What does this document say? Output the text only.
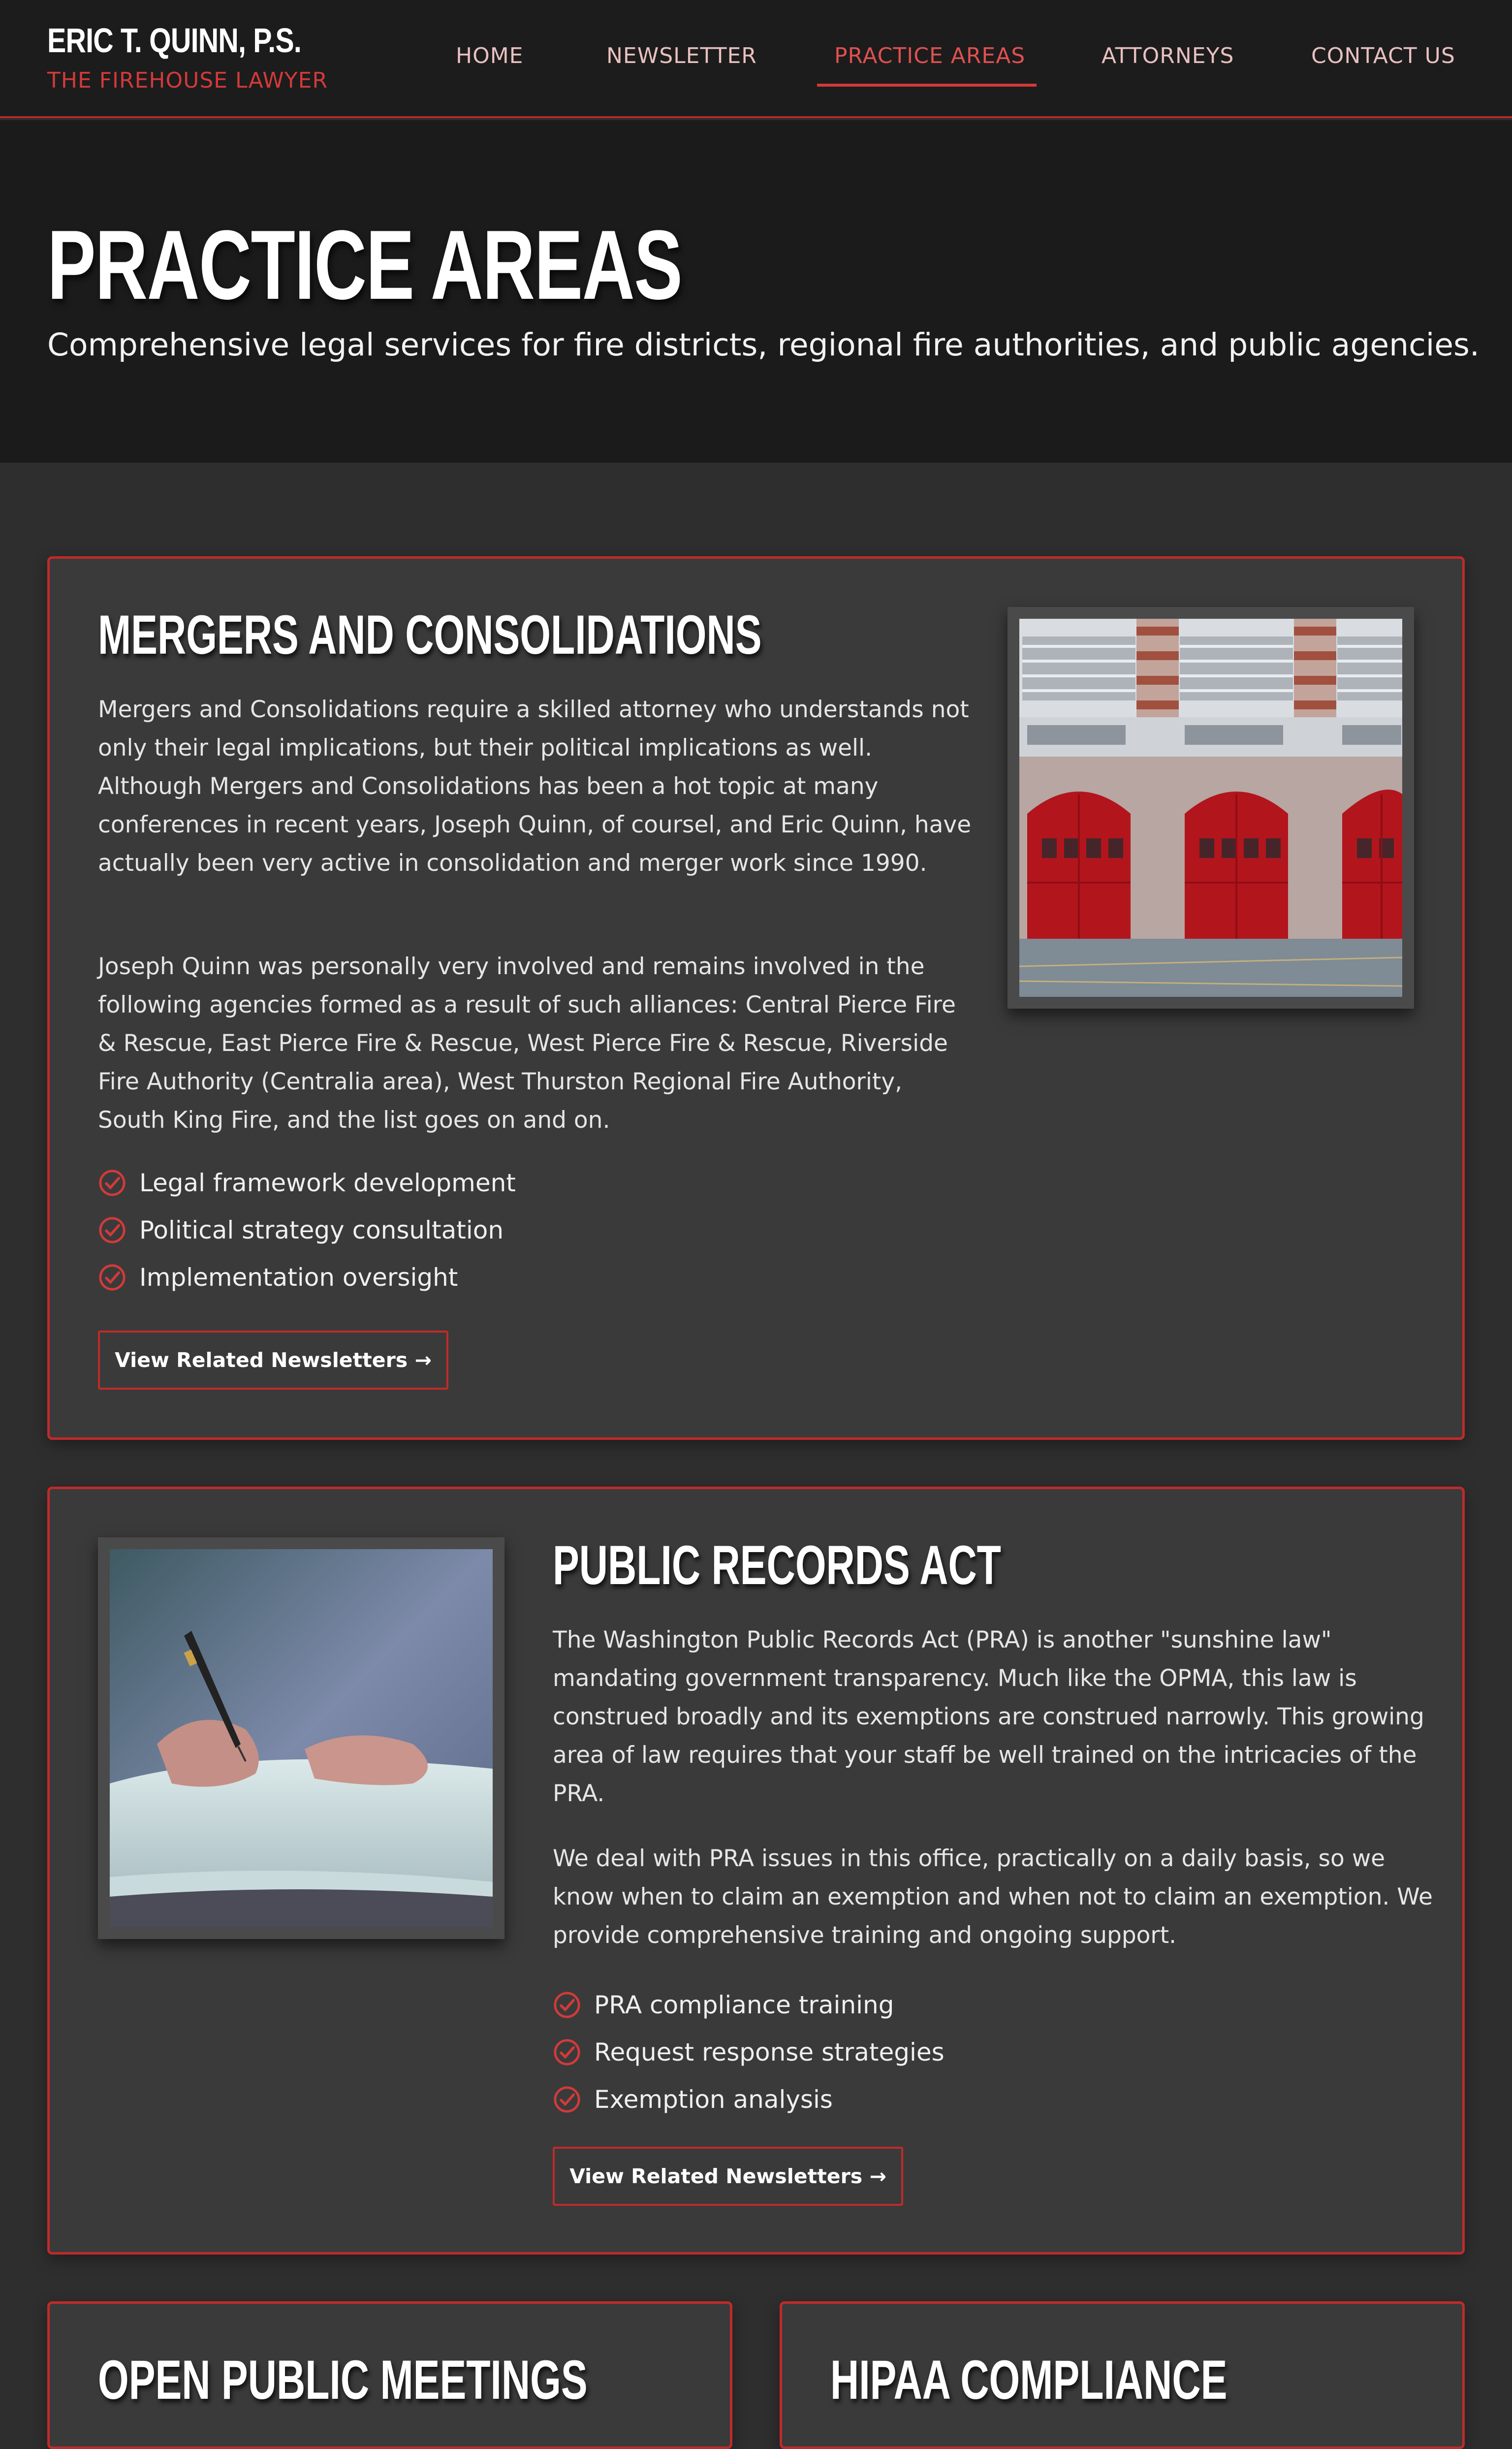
ERIC T. QUINN, P.S.
THE FIREHOUSE LAWYER
HOME	NEWSLETTER	PRACTICE AREAS	ATTORNEYS	CONTACT US
PRACTICE AREAS

Comprehensive legal services for fire districts, regional fire authorities, and public agencies.

MERGERS AND CONSOLIDATIONS

Mergers and Consolidations require a skilled attorney who understands not only their legal implications, but their political implications as well. Although Mergers and Consolidations has been a hot topic at many conferences in recent years, Joseph Quinn, of coursel, and Eric Quinn, have actually been very active in consolidation and merger work since 1990.

Joseph Quinn was personally very involved and remains involved in the following agencies formed as a result of such alliances: Central Pierce Fire & Rescue, East Pierce Fire & Rescue, West Pierce Fire & Rescue, Riverside Fire Authority (Centralia area), West Thurston Regional Fire Authority, South King Fire, and the list goes on and on.

Legal framework development
Political strategy consultation
Implementation oversight
View Related Newsletters →
PUBLIC RECORDS ACT

The Washington Public Records Act (PRA) is another "sunshine law" mandating government transparency. Much like the OPMA, this law is construed broadly and its exemptions are construed narrowly. This growing area of law requires that your staff be well trained on the intricacies of the PRA.

We deal with PRA issues in this office, practically on a daily basis, so we know when to claim an exemption and when not to claim an exemption. We provide comprehensive training and ongoing support.

PRA compliance training
Request response strategies
Exemption analysis
View Related Newsletters →
OPEN PUBLIC MEETINGS	HIPAA COMPLIANCE
